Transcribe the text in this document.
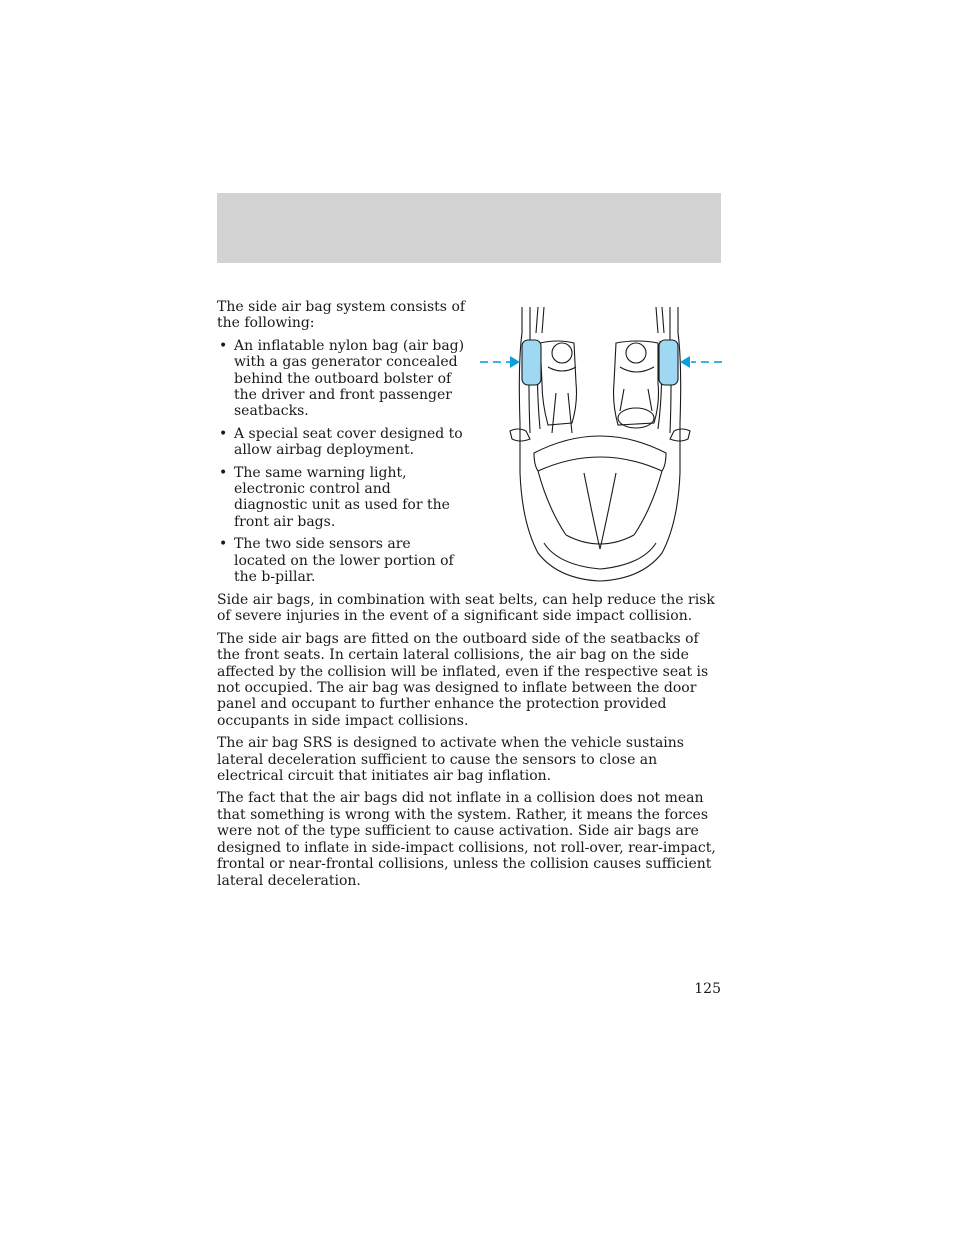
The side air bag system consists of the following:

• An inflatable nylon bag (air bag) with a gas generator concealed behind the outboard bolster of the driver and front passenger seatbacks.
• A special seat cover designed to allow airbag deployment.
• The same warning light, electronic control and diagnostic unit as used for the front air bags.
• The two side sensors are located on the lower portion of the b-pillar.

Side air bags, in combination with seat belts, can help reduce the risk of severe injuries in the event of a significant side impact collision.

The side air bags are fitted on the outboard side of the seatbacks of the front seats. In certain lateral collisions, the air bag on the side affected by the collision will be inflated, even if the respective seat is not occupied. The air bag was designed to inflate between the door panel and occupant to further enhance the protection provided occupants in side impact collisions.

The air bag SRS is designed to activate when the vehicle sustains lateral deceleration sufficient to cause the sensors to close an electrical circuit that initiates air bag inflation.

The fact that the air bags did not inflate in a collision does not mean that something is wrong with the system. Rather, it means the forces were not of the type sufficient to cause activation. Side air bags are designed to inflate in side-impact collisions, not roll-over, rear-impact, frontal or near-frontal collisions, unless the collision causes sufficient lateral deceleration.

125
